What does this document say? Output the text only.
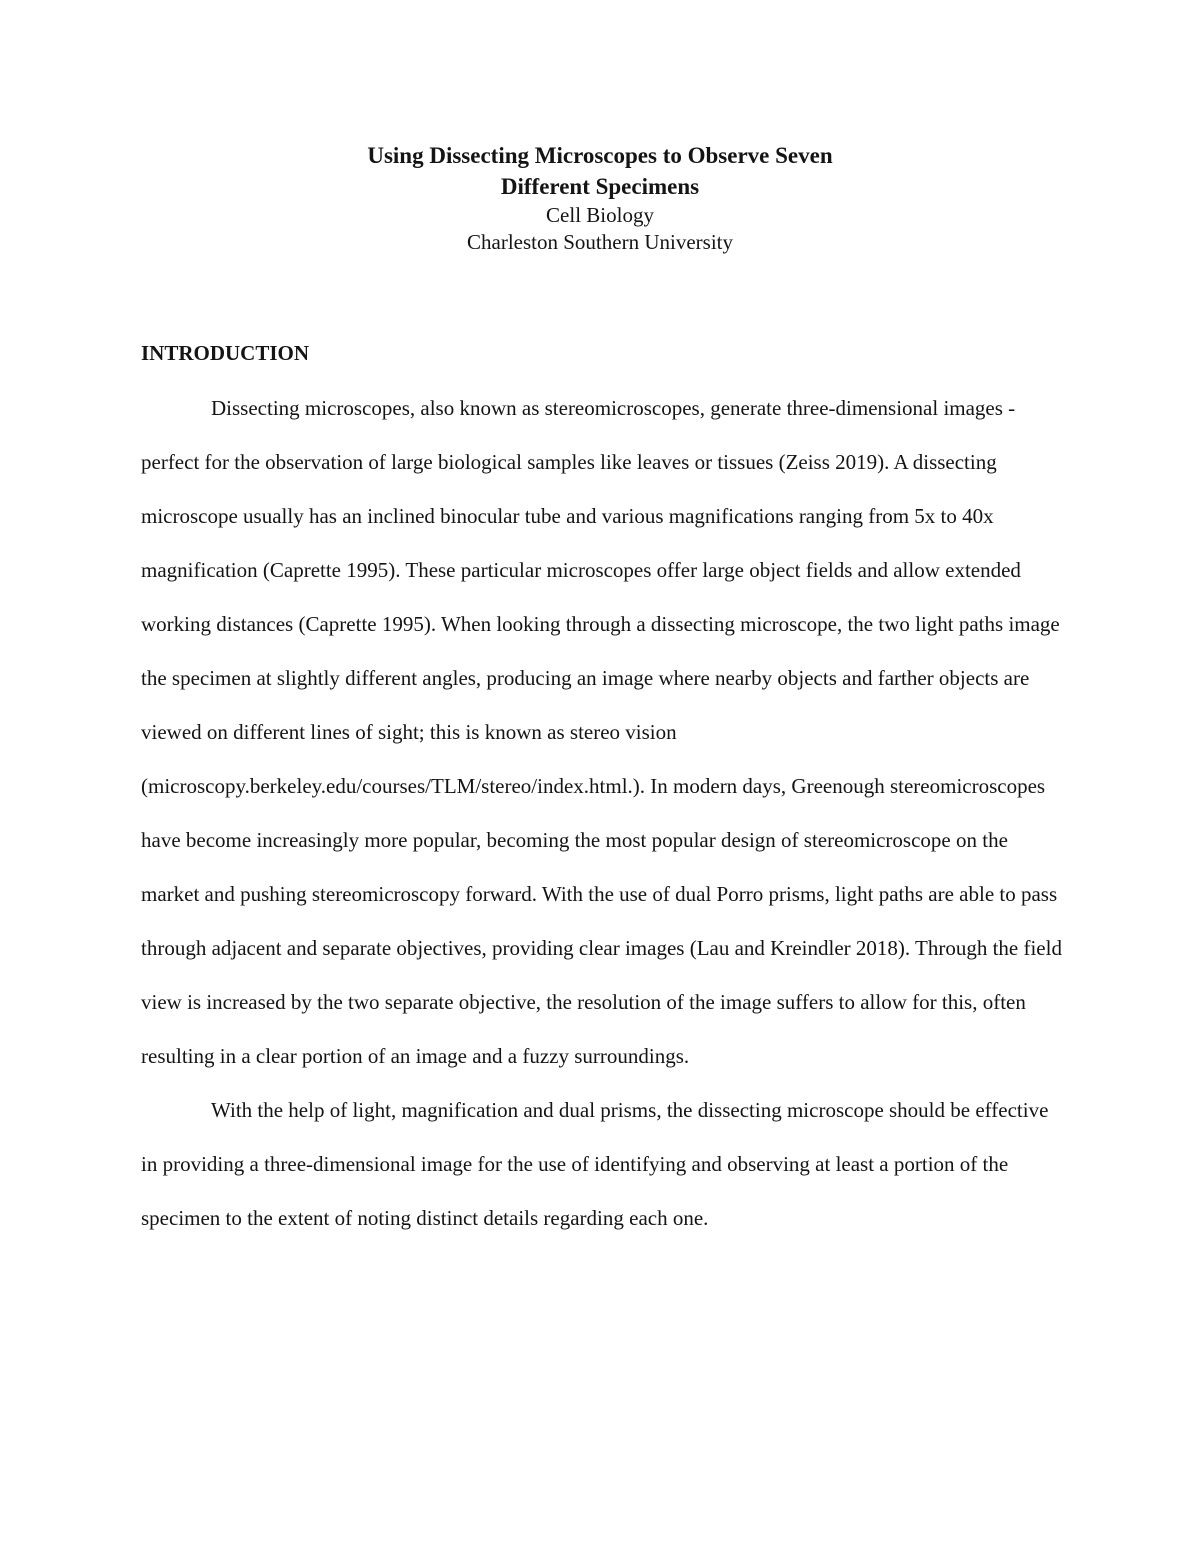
Using Dissecting Microscopes to Observe Seven

Different Specimens

Cell Biology

Charleston Southern University

INTRODUCTION

Dissecting microscopes, also known as stereomicroscopes, generate three-dimensional images - perfect for the observation of large biological samples like leaves or tissues (Zeiss 2019). A dissecting microscope usually has an inclined binocular tube and various magnifications ranging from 5x to 40x magnification (Caprette 1995). These particular microscopes offer large object fields and allow extended working distances (Caprette 1995). When looking through a dissecting microscope, the two light paths image the specimen at slightly different angles, producing an image where nearby objects and farther objects are viewed on different lines of sight; this is known as stereo vision (microscopy.berkeley.edu/courses/TLM/stereo/index.html.). In modern days, Greenough stereomicroscopes have become increasingly more popular, becoming the most popular design of stereomicroscope on the market and pushing stereomicroscopy forward. With the use of dual Porro prisms, light paths are able to pass through adjacent and separate objectives, providing clear images (Lau and Kreindler 2018). Through the field view is increased by the two separate objective, the resolution of the image suffers to allow for this, often resulting in a clear portion of an image and a fuzzy surroundings.

With the help of light, magnification and dual prisms, the dissecting microscope should be effective in providing a three-dimensional image for the use of identifying and observing at least a portion of the specimen to the extent of noting distinct details regarding each one.
